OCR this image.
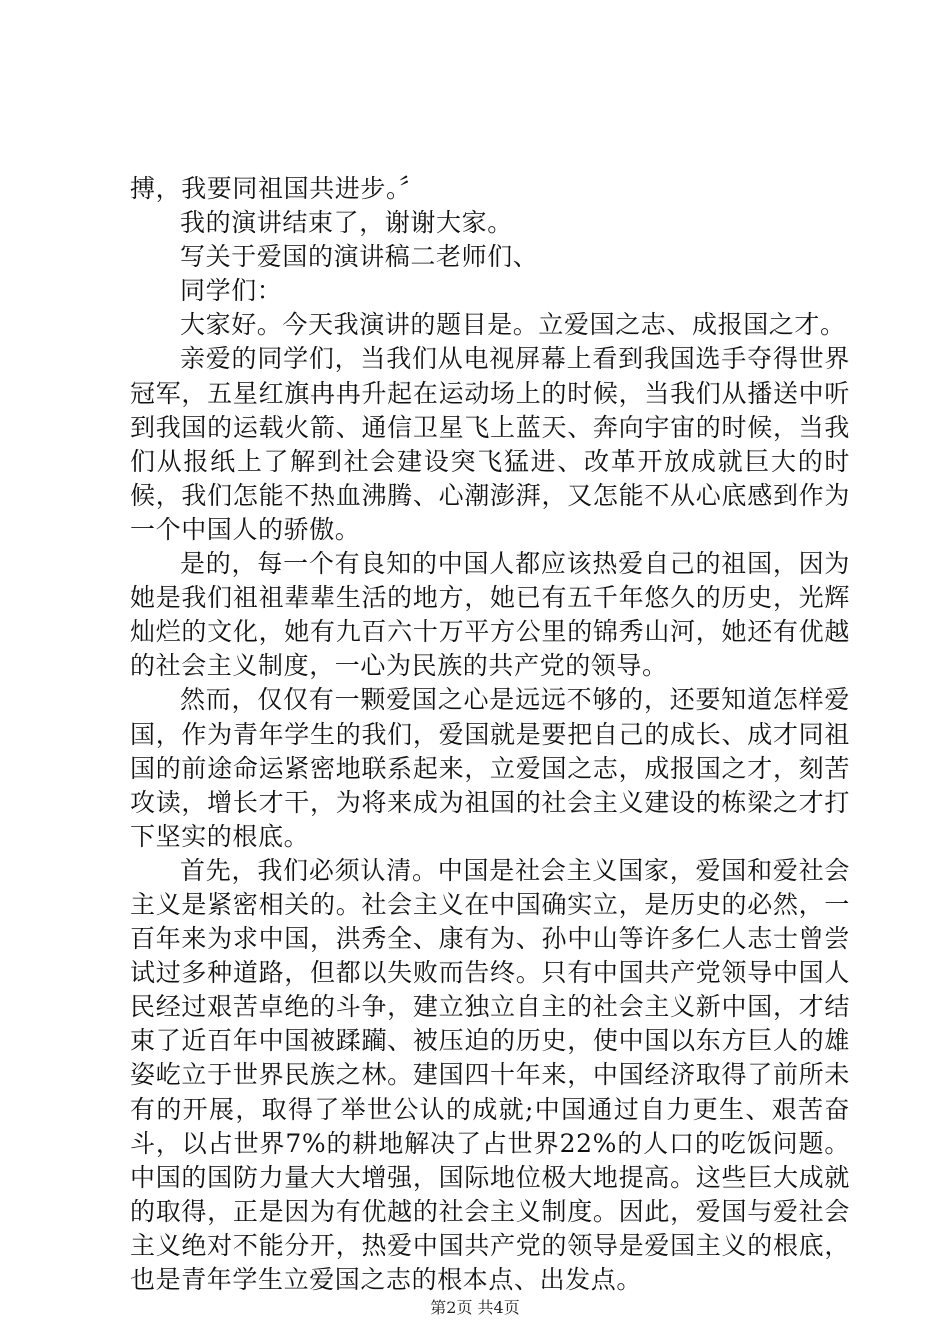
搏，我要同祖国共进步。〞

我的演讲结束了，谢谢大家。

写关于爱国的演讲稿二老师们、

同学们：

大家好。今天我演讲的题目是。立爱国之志、成报国之才。

亲爱的同学们，当我们从电视屏幕上看到我国选手夺得世界冠军，五星红旗冉冉升起在运动场上的时候，当我们从播送中听到我国的运载火箭、通信卫星飞上蓝天、奔向宇宙的时候，当我们从报纸上了解到社会建设突飞猛进、改革开放成就巨大的时候，我们怎能不热血沸腾、心潮澎湃，又怎能不从心底感到作为一个中国人的骄傲。

是的，每一个有良知的中国人都应该热爱自己的祖国，因为她是我们祖祖辈辈生活的地方，她已有五千年悠久的历史，光辉灿烂的文化，她有九百六十万平方公里的锦秀山河，她还有优越的社会主义制度，一心为民族的共产党的领导。

然而，仅仅有一颗爱国之心是远远不够的，还要知道怎样爱国，作为青年学生的我们，爱国就是要把自己的成长、成才同祖国的前途命运紧密地联系起来，立爱国之志，成报国之才，刻苦攻读，增长才干，为将来成为祖国的社会主义建设的栋梁之才打下坚实的根底。

首先，我们必须认清。中国是社会主义国家，爱国和爱社会主义是紧密相关的。社会主义在中国确实立，是历史的必然，一百年来为求中国，洪秀全、康有为、孙中山等许多仁人志士曾尝试过多种道路，但都以失败而告终。只有中国共产党领导中国人民经过艰苦卓绝的斗争，建立独立自主的社会主义新中国，才结束了近百年中国被蹂躏、被压迫的历史，使中国以东方巨人的雄姿屹立于世界民族之林。建国四十年来，中国经济取得了前所未有的开展，取得了举世公认的成就;中国通过自力更生、艰苦奋斗，以占世界7%的耕地解决了占世界22%的人口的吃饭问题。中国的国防力量大大增强，国际地位极大地提高。这些巨大成就的取得，正是因为有优越的社会主义制度。因此，爱国与爱社会主义绝对不能分开，热爱中国共产党的领导是爱国主义的根底，也是青年学生立爱国之志的根本点、出发点。

第2页 共4页
